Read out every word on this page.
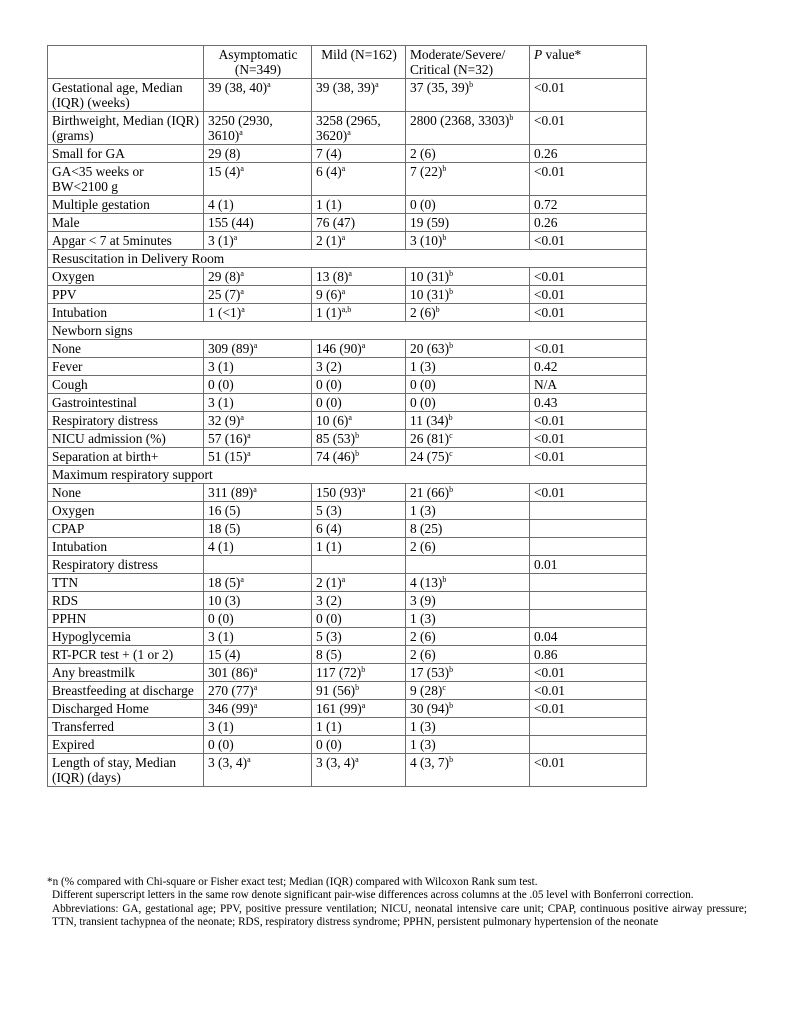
	Asymptomatic (N=349)	Mild (N=162)	Moderate/Severe/ Critical (N=32)	P value*
Gestational age, Median (IQR) (weeks)	39 (38, 40)$^a$	39 (38, 39)$^a$	37 (35, 39)$^b$	<0.01
Birthweight, Median (IQR) (grams)	3250 (2930, 3610)$^a$	3258 (2965, 3620)$^a$	2800 (2368, 3303)$^b$	<0.01
Small for GA	29 (8)	7 (4)	2 (6)	0.26
GA<35 weeks or BW<2100 g	15 $(4)^a$	6 $(4)^a$	7 $(22)^b$	<0.01
Multiple gestation	4 (1)	1 (1)	0 (0)	0.72
Male	155 (44)	76 (47)	19 (59)	0.26
Apgar < 7 at 5minutes	3 $(1)^a$	2 $(1)^a$	3 $(10)^b$	<0.01
Resuscitation in Delivery Room				
Oxygen	29 $(8)^a$	13 $(8)^a$	10 $(31)^b$	<0.01
PPV	25 $(7)^a$	9 $(6)^a$	10 $(31)^b$	<0.01
Intubation	1 (<1)$^a$	1 $(1)^{a,b}$	2 $(6)^b$	<0.01
Newborn signs				
None	309 $(89)^a$	146 $(90)^a$	20 $(63)^b$	<0.01
Fever	3 (1)	3 (2)	1 (3)	0.42
Cough	0 (0)	0 (0)	0 (0)	N/A
Gastrointestinal	3 (1)	0 (0)	0 (0)	0.43
Respiratory distress	32 $(9)^a$	10 $(6)^a$	11 $(34)^b$	<0.01
NICU admission (%)	57 $(16)^a$	85 $(53)^b$	26 $(81)^c$	<0.01
Separation at birth+	51 $(15)^a$	74 $(46)^b$	24 $(75)^c$	<0.01
Maximum respiratory support				
None	311 $(89)^a$	150 $(93)^a$	21 $(66)^b$	<0.01
Oxygen	16 (5)	5 (3)	1 (3)	
CPAP	18 (5)	6 (4)	8 (25)	
Intubation	4 (1)	1 (1)	2 (6)	
Respiratory distress				0.01
TTN	18 $(5)^a$	2 $(1)^a$	4 $(13)^b$	
RDS	10 (3)	3 (2)	3 (9)	
PPHN	0 (0)	0 (0)	1 (3)	
Hypoglycemia	3 (1)	5 (3)	2 (6)	0.04
RT-PCR test + (1 or 2)	15 (4)	8 (5)	2 (6)	0.86
Any breastmilk	301 $(86)^a$	117 $(72)^b$	17 $(53)^b$	<0.01
Breastfeeding at discharge	270 $(77)^a$	91 $(56)^b$	9 $(28)^c$	<0.01
Discharged Home	346 $(99)^a$	161 $(99)^a$	30 $(94)^b$	<0.01
Transferred	3 (1)	1 (1)	1 (3)	
Expired	0 (0)	0 (0)	1 (3)	
Length of stay, Median (IQR) (days)	3 (3, 4)$^a$	3 (3, 4)$^a$	4 (3, 7)$^b$	<0.01

*n (% compared with Chi-square or Fisher exact test; Median (IQR) compared with Wilcoxon Rank sum test.

Different superscript letters in the same row denote significant pair-wise differences across columns at the .05 level with Bonferroni correction.

Abbreviations: GA, gestational age; PPV, positive pressure ventilation; NICU, neonatal intensive care unit; CPAP, continuous positive airway pressure; TTN, transient tachypnea of the neonate; RDS, respiratory distress syndrome; PPHN, persistent pulmonary hypertension of the neonate
